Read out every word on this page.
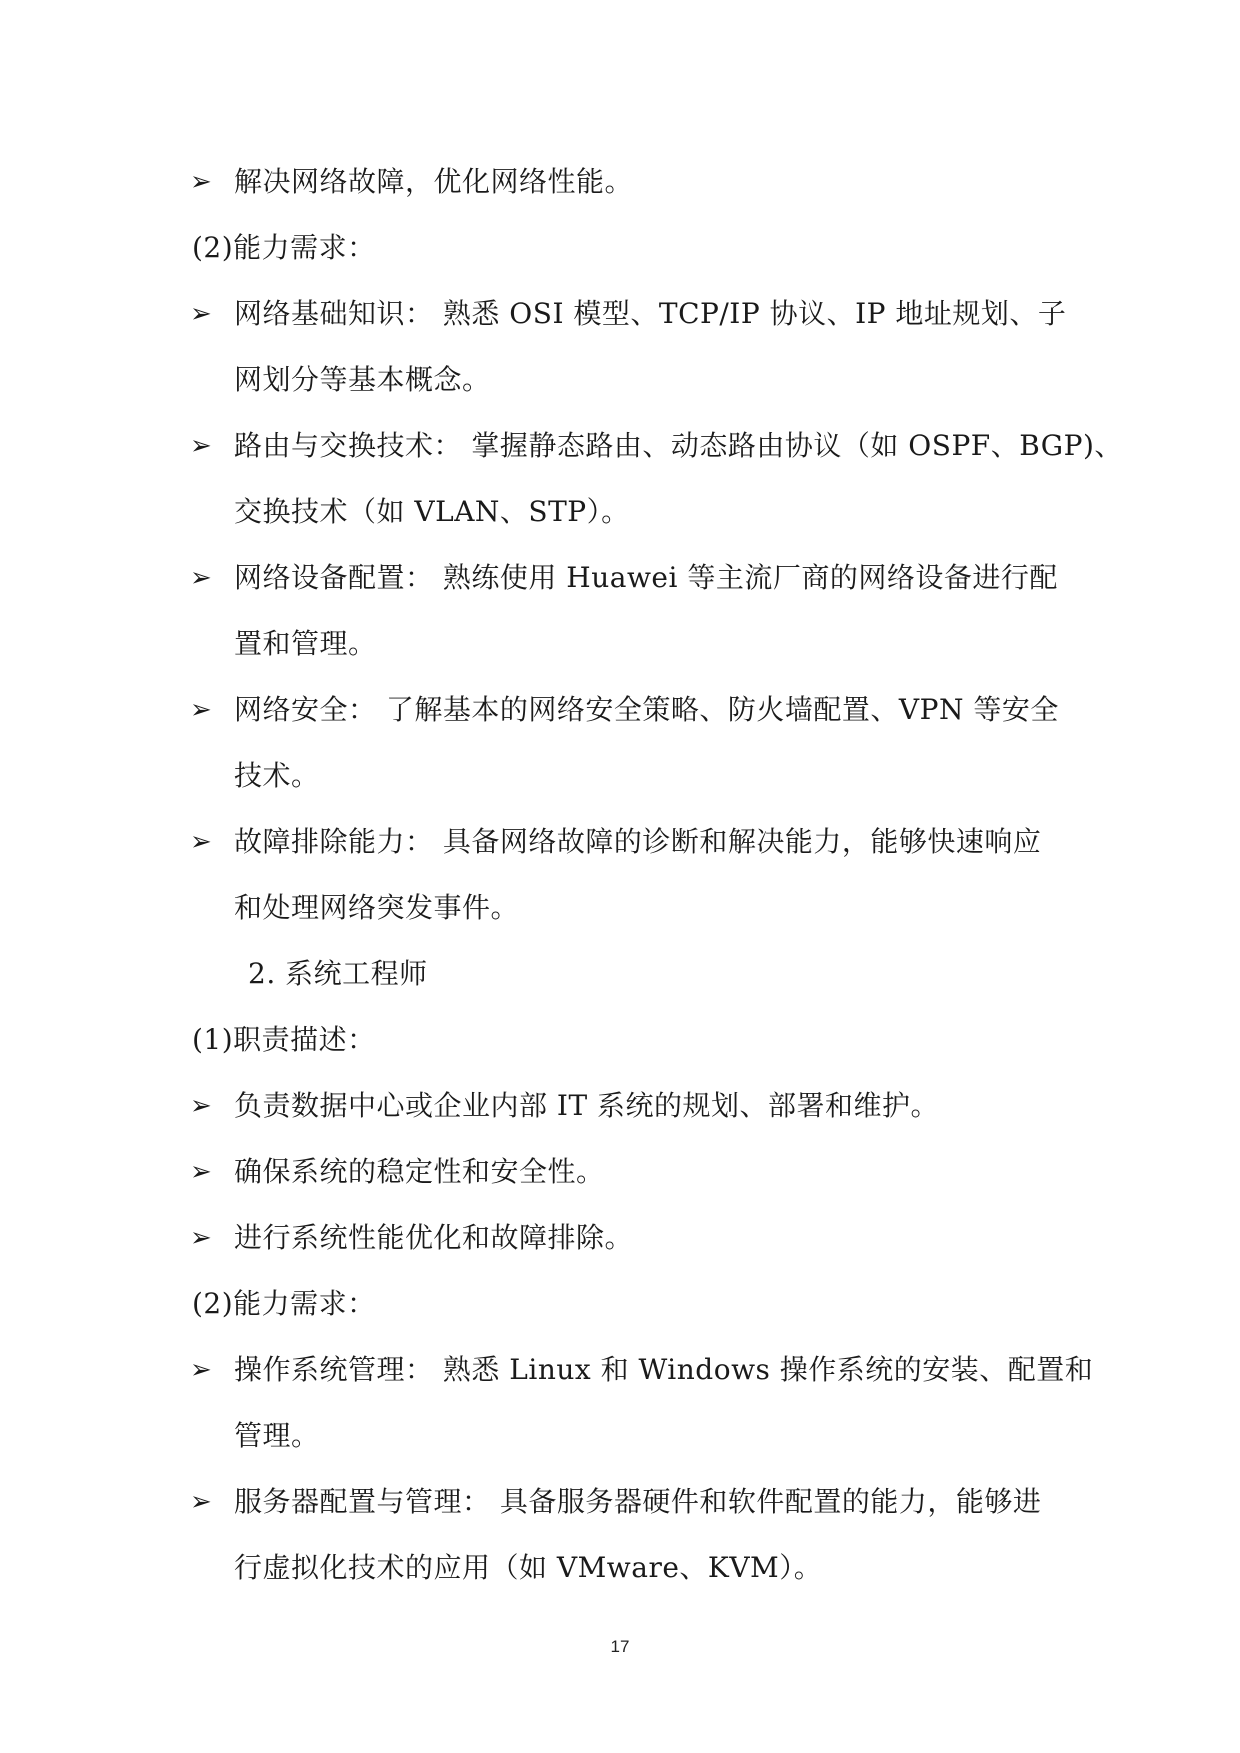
➢ 解决网络故障，优化网络性能。
(2)能力需求：
➢ 网络基础知识： 熟悉 OSI 模型、TCP/IP 协议、IP 地址规划、子
网划分等基本概念。
➢ 路由与交换技术： 掌握静态路由、动态路由协议（如 OSPF、BGP)、
交换技术（如 VLAN、STP）。
➢ 网络设备配置： 熟练使用 Huawei 等主流厂商的网络设备进行配
置和管理。
➢ 网络安全： 了解基本的网络安全策略、防火墙配置、VPN 等安全
技术。
➢ 故障排除能力： 具备网络故障的诊断和解决能力，能够快速响应
和处理网络突发事件。
2. 系统工程师
(1)职责描述：
➢ 负责数据中心或企业内部 IT 系统的规划、部署和维护。
➢ 确保系统的稳定性和安全性。
➢ 进行系统性能优化和故障排除。
(2)能力需求：
➢ 操作系统管理： 熟悉 Linux 和 Windows 操作系统的安装、配置和
管理。
➢ 服务器配置与管理： 具备服务器硬件和软件配置的能力，能够进
行虚拟化技术的应用（如 VMware、KVM）。
17
